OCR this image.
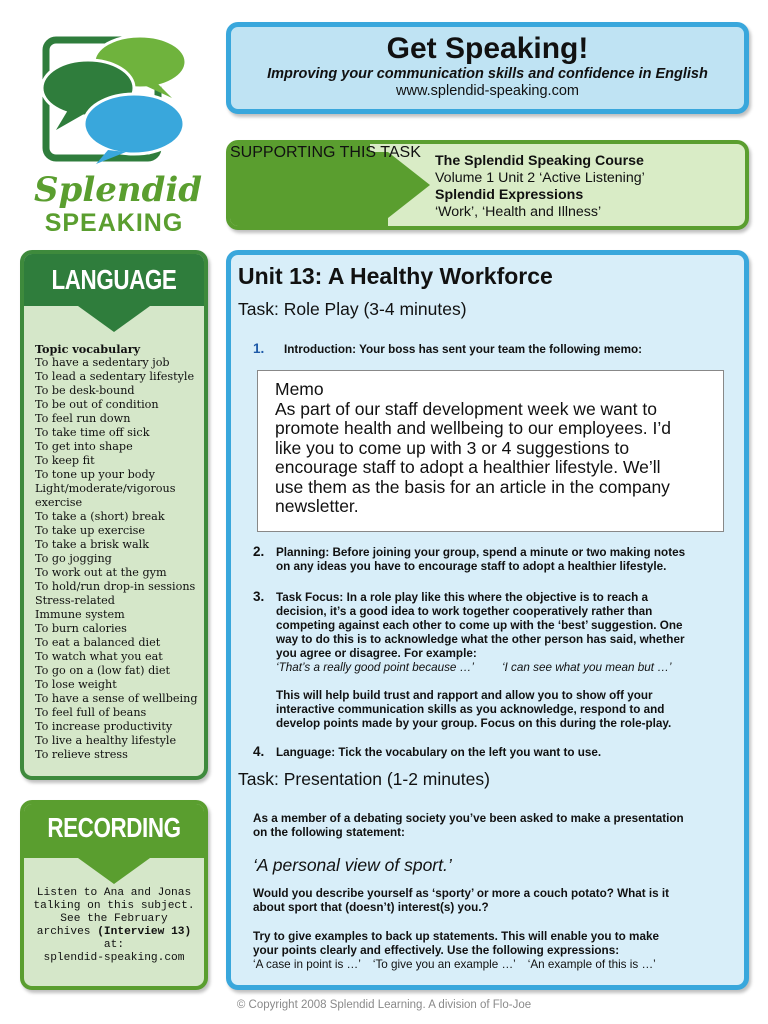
Splendid
SPEAKING
Get Speaking!
Improving your communication skills and confidence in English
www.splendid-speaking.com
SUPPORTING THIS TASK The Splendid Speaking Course
Volume 1 Unit 2 ‘Active Listening’
Splendid Expressions
‘Work’, ‘Health and Illness’
LANGUAGE
Topic vocabulary
To have a sedentary job
To lead a sedentary lifestyle
To be desk-bound
To be out of condition
To feel run down
To take time off sick
To get into shape
To keep fit
To tone up your body
Light/moderate/vigorous
exercise
To take a (short) break
To take up exercise
To take a brisk walk
To go jogging
To work out at the gym
To hold/run drop-in sessions
Stress-related
Immune system
To burn calories
To eat a balanced diet
To watch what you eat
To go on a (low fat) diet
To lose weight
To have a sense of wellbeing
To feel full of beans
To increase productivity
To live a healthy lifestyle
To relieve stress
RECORDING
Listen to Ana and Jonas
talking on this subject.
See the February
archives (Interview 13)
at:
splendid-speaking.com
Unit 13: A Healthy Workforce
Task: Role Play (3-4 minutes)
1. Introduction: Your boss has sent your team the following memo:
Memo
As part of our staff development week we want to
promote health and wellbeing to our employees. I’d
like you to come up with 3 or 4 suggestions to
encourage staff to adopt a healthier lifestyle. We’ll
use them as the basis for an article in the company
newsletter.
2. Planning: Before joining your group, spend a minute or two making notes
on any ideas you have to encourage staff to adopt a healthier lifestyle.
3. Task Focus: In a role play like this where the objective is to reach a
decision, it’s a good idea to work together cooperatively rather than
competing against each other to come up with the ‘best’ suggestion. One
way to do this is to acknowledge what the other person has said, whether
you agree or disagree. For example:
‘That’s a really good point because …’ ‘I can see what you mean but …’
This will help build trust and rapport and allow you to show off your
interactive communication skills as you acknowledge, respond to and
develop points made by your group. Focus on this during the role-play.
4. Language: Tick the vocabulary on the left you want to use.
Task: Presentation (1-2 minutes)
As a member of a debating society you’ve been asked to make a presentation
on the following statement:
‘A personal view of sport.’
Would you describe yourself as ‘sporty’ or more a couch potato? What is it
about sport that (doesn’t) interest(s) you.?
Try to give examples to back up statements. This will enable you to make
your points clearly and effectively. Use the following expressions:
‘A case in point is …’ ‘To give you an example …’ ‘An example of this is …’
© Copyright 2008 Splendid Learning. A division of Flo-Joe
